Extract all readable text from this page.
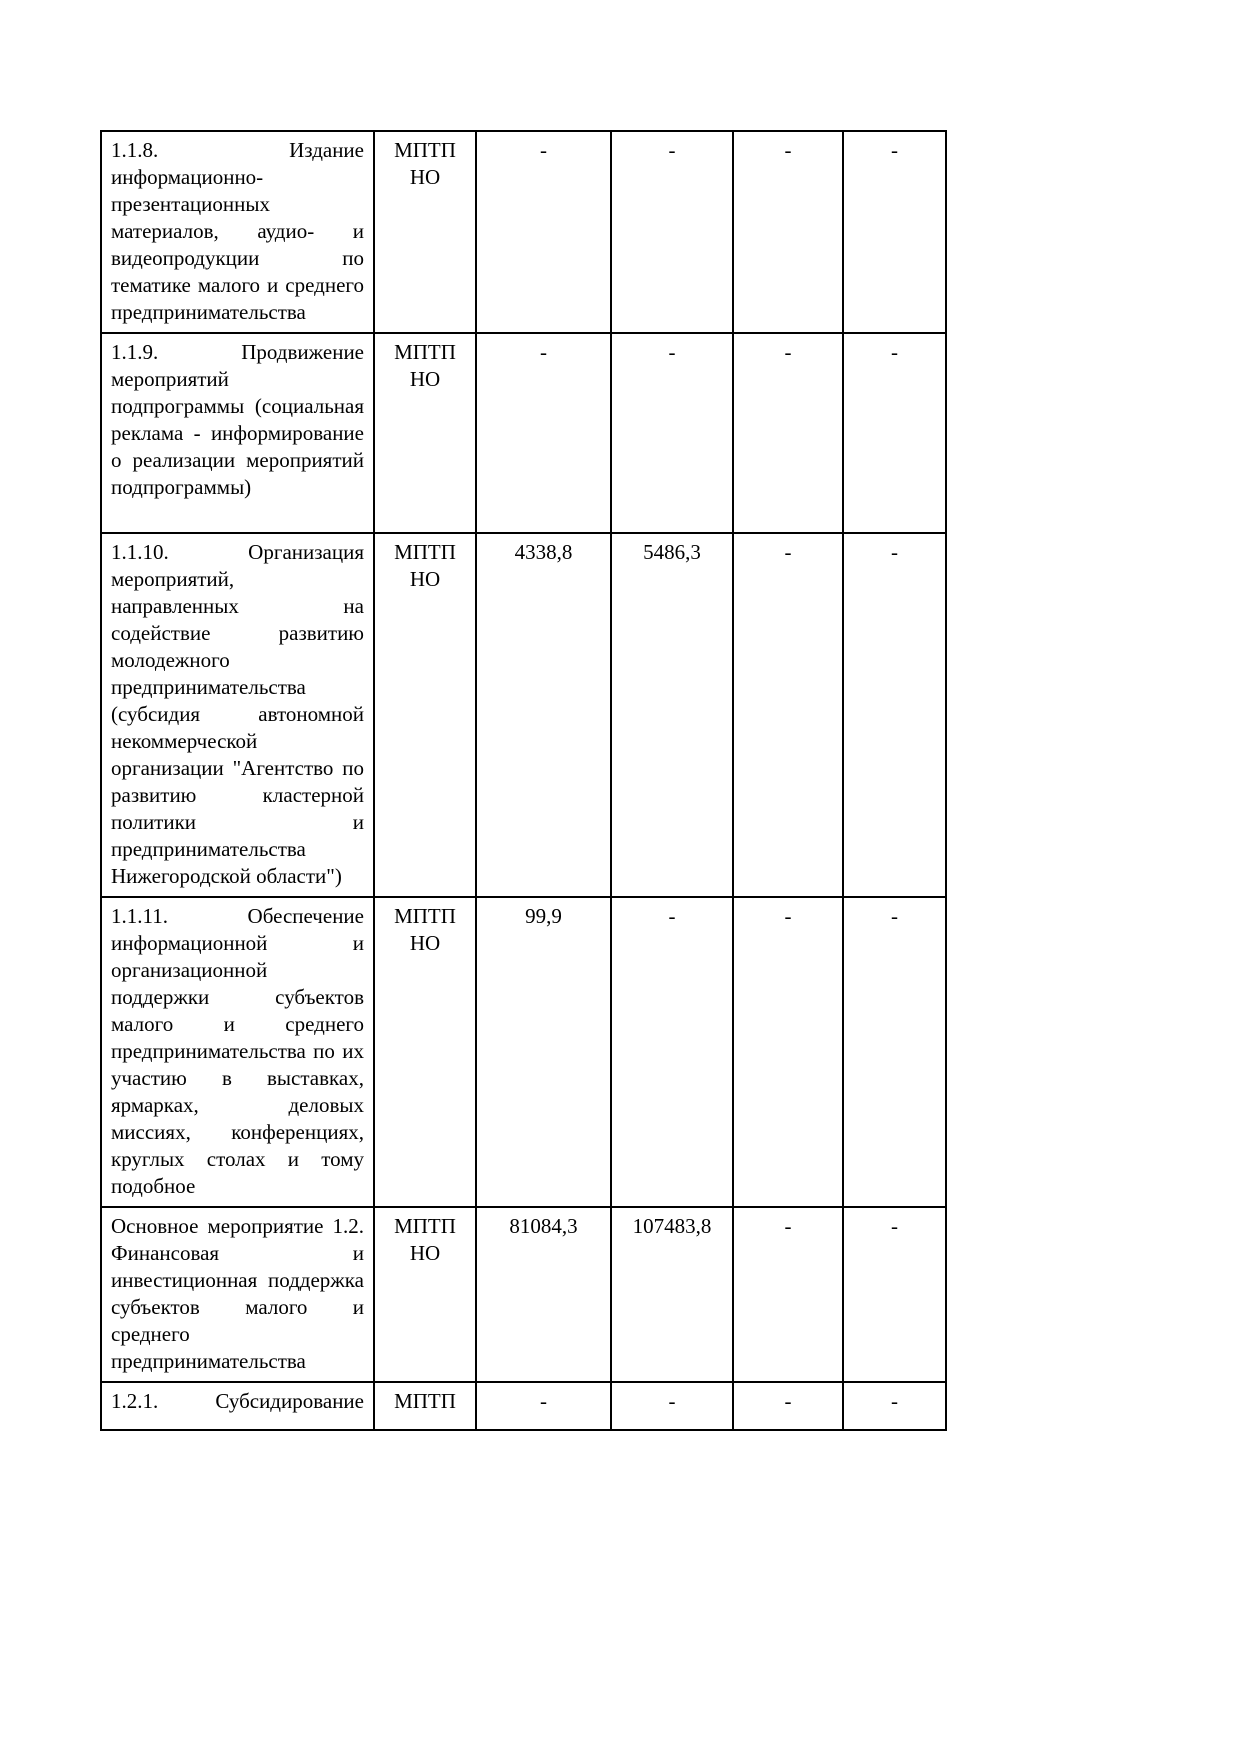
1.1.8. Издание информационно-презентационных материалов, аудио- и видеопродукции по тематике малого и среднего предпринимательства	МПТП НО	-	-	-	-
1.1.9. Продвижение мероприятий подпрограммы (социальная реклама - информирование о реализации мероприятий подпрограммы)	МПТП НО	-	-	-	-
1.1.10. Организация мероприятий, направленных на содействие развитию молодежного предпринимательства (субсидия автономной некоммерческой организации "Агентство по развитию кластерной политики и предпринимательства Нижегородской области")	МПТП НО	4338,8	5486,3	-	-
1.1.11. Обеспечение информационной и организационной поддержки субъектов малого и среднего предпринимательства по их участию в выставках, ярмарках, деловых миссиях, конференциях, круглых столах и тому подобное	МПТП НО	99,9	-	-	-
Основное мероприятие 1.2. Финансовая и инвестиционная поддержка субъектов малого и среднего предпринимательства	МПТП НО	81084,3	107483,8	-	-
1.2.1. Субсидирование	МПТП	-	-	-	-
